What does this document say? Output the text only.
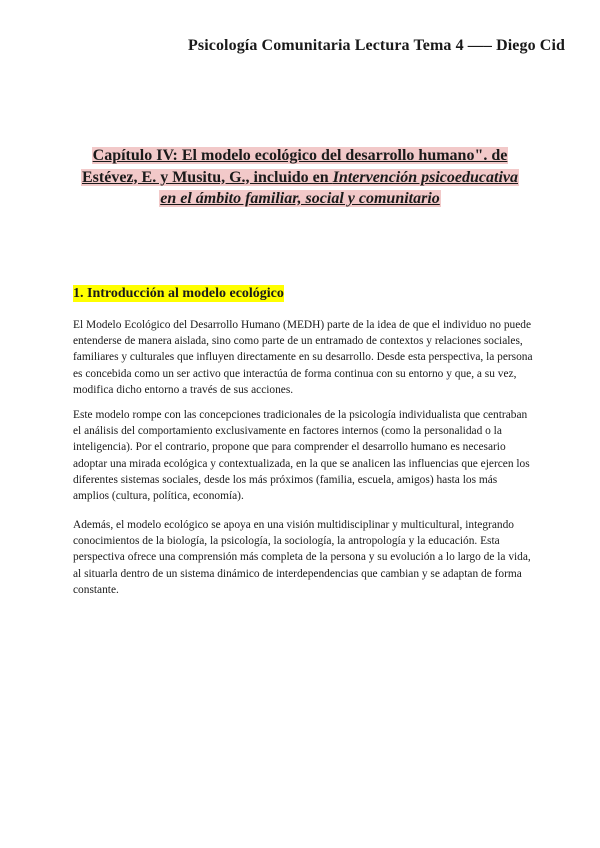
Psicología Comunitaria Lectura Tema 4 —– Diego Cid
Capítulo IV: El modelo ecológico del desarrollo humano". de
Estévez, E. y Musitu, G., incluido en Intervención psicoeducativa
en el ámbito familiar, social y comunitario
1. Introducción al modelo ecológico

El Modelo Ecológico del Desarrollo Humano (MEDH) parte de la idea de que el individuo no puede entenderse de manera aislada, sino como parte de un entramado de contextos y relaciones sociales, familiares y culturales que influyen directamente en su desarrollo. Desde esta perspectiva, la persona es concebida como un ser activo que interactúa de forma continua con su entorno y que, a su vez, modifica dicho entorno a través de sus acciones.

Este modelo rompe con las concepciones tradicionales de la psicología individualista que centraban el análisis del comportamiento exclusivamente en factores internos (como la personalidad o la inteligencia). Por el contrario, propone que para comprender el desarrollo humano es necesario adoptar una mirada ecológica y contextualizada, en la que se analicen las influencias que ejercen los diferentes sistemas sociales, desde los más próximos (familia, escuela, amigos) hasta los más amplios (cultura, política, economía).

Además, el modelo ecológico se apoya en una visión multidisciplinar y multicultural, integrando conocimientos de la biología, la psicología, la sociología, la antropología y la educación. Esta perspectiva ofrece una comprensión más completa de la persona y su evolución a lo largo de la vida, al situarla dentro de un sistema dinámico de interdependencias que cambian y se adaptan de forma constante.
